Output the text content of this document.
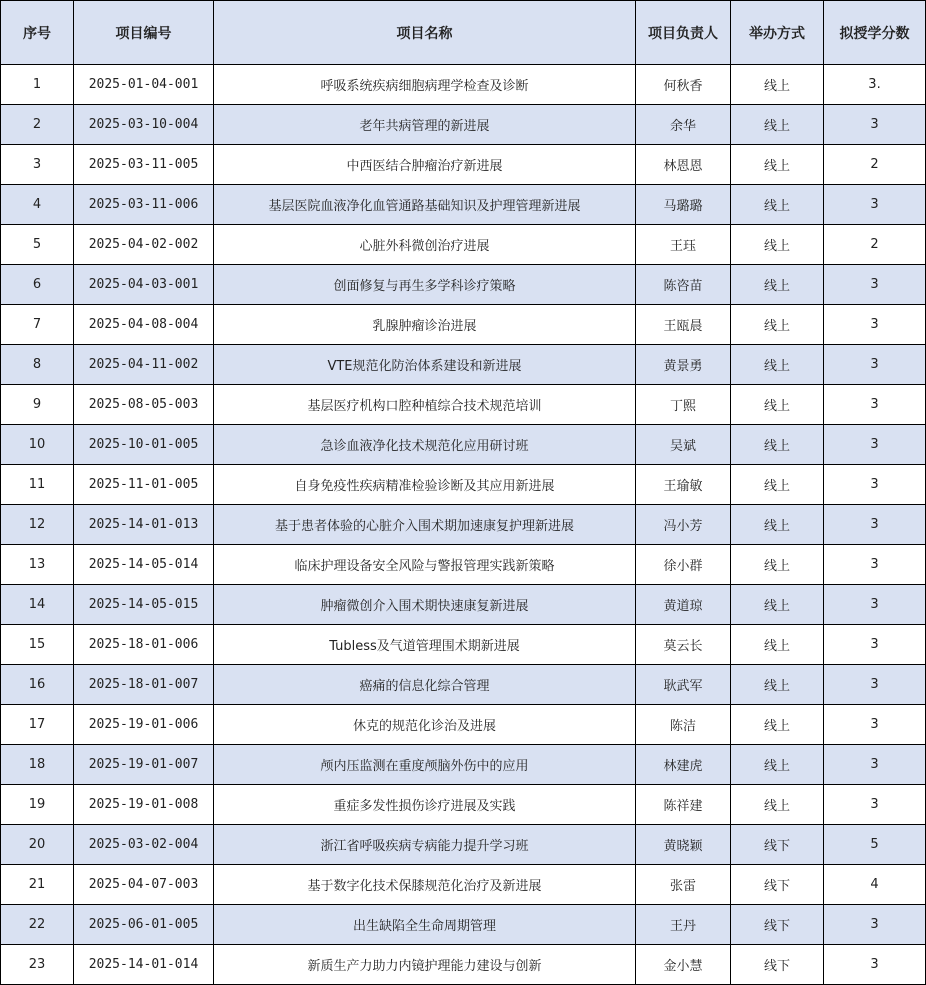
序号	项目编号	项目名称	项目负责人	举办方式	拟授学分数
1	2025-01-04-001	呼吸系统疾病细胞病理学检查及诊断	何秋香	线上	3.
2	2025-03-10-004	老年共病管理的新进展	余华	线上	3
3	2025-03-11-005	中西医结合肿瘤治疗新进展	林恩恩	线上	2
4	2025-03-11-006	基层医院血液净化血管通路基础知识及护理管理新进展	马璐璐	线上	3
5	2025-04-02-002	心脏外科微创治疗进展	王珏	线上	2
6	2025-04-03-001	创面修复与再生多学科诊疗策略	陈咨苗	线上	3
7	2025-04-08-004	乳腺肿瘤诊治进展	王瓯晨	线上	3
8	2025-04-11-002	VTE规范化防治体系建设和新进展	黄景勇	线上	3
9	2025-08-05-003	基层医疗机构口腔种植综合技术规范培训	丁熙	线上	3
10	2025-10-01-005	急诊血液净化技术规范化应用研讨班	吴斌	线上	3
11	2025-11-01-005	自身免疫性疾病精准检验诊断及其应用新进展	王瑜敏	线上	3
12	2025-14-01-013	基于患者体验的心脏介入围术期加速康复护理新进展	冯小芳	线上	3
13	2025-14-05-014	临床护理设备安全风险与警报管理实践新策略	徐小群	线上	3
14	2025-14-05-015	肿瘤微创介入围术期快速康复新进展	黄道琼	线上	3
15	2025-18-01-006	Tubless及气道管理围术期新进展	莫云长	线上	3
16	2025-18-01-007	癌痛的信息化综合管理	耿武军	线上	3
17	2025-19-01-006	休克的规范化诊治及进展	陈洁	线上	3
18	2025-19-01-007	颅内压监测在重度颅脑外伤中的应用	林建虎	线上	3
19	2025-19-01-008	重症多发性损伤诊疗进展及实践	陈祥建	线上	3
20	2025-03-02-004	浙江省呼吸疾病专病能力提升学习班	黄晓颖	线下	5
21	2025-04-07-003	基于数字化技术保膝规范化治疗及新进展	张雷	线下	4
22	2025-06-01-005	出生缺陷全生命周期管理	王丹	线下	3
23	2025-14-01-014	新质生产力助力内镜护理能力建设与创新	金小慧	线下	3
